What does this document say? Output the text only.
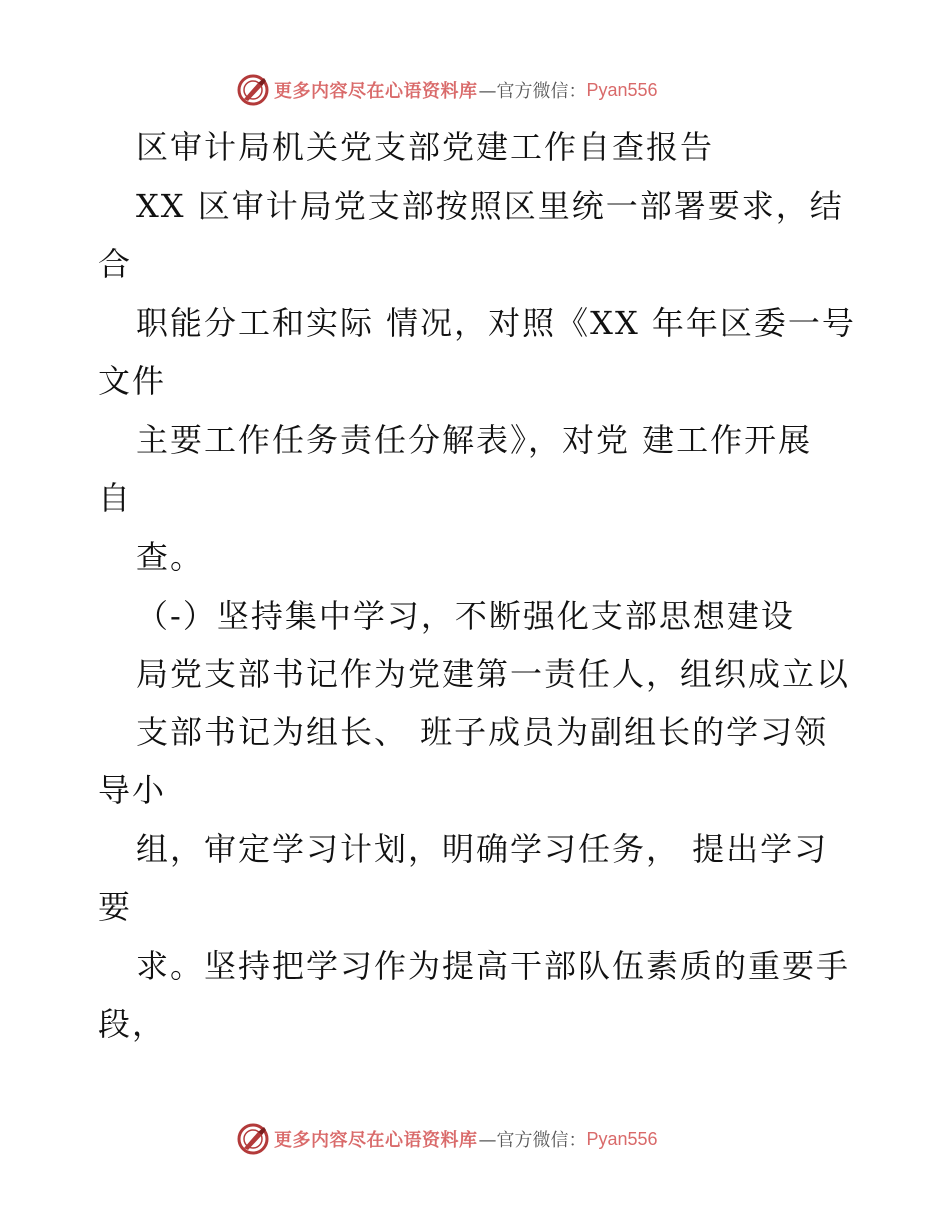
更多内容尽在心语资料库 —官方微信： Pyan556
区审计局机关党支部党建工作自查报告
XX 区审计局党支部按照区里统一部署要求，结
合
职能分工和实际 情况，对照《XX 年年区委一号
文件
主要工作任务责任分解表》，对党 建工作开展
自
查。
（-）坚持集中学习，不断强化支部思想建设
局党支部书记作为党建第一责任人，组织成立以
支部书记为组长、 班子成员为副组长的学习领
导小
组，审定学习计划，明确学习任务， 提出学习
要
求。坚持把学习作为提高干部队伍素质的重要手
段，
更多内容尽在心语资料库 —官方微信： Pyan556
